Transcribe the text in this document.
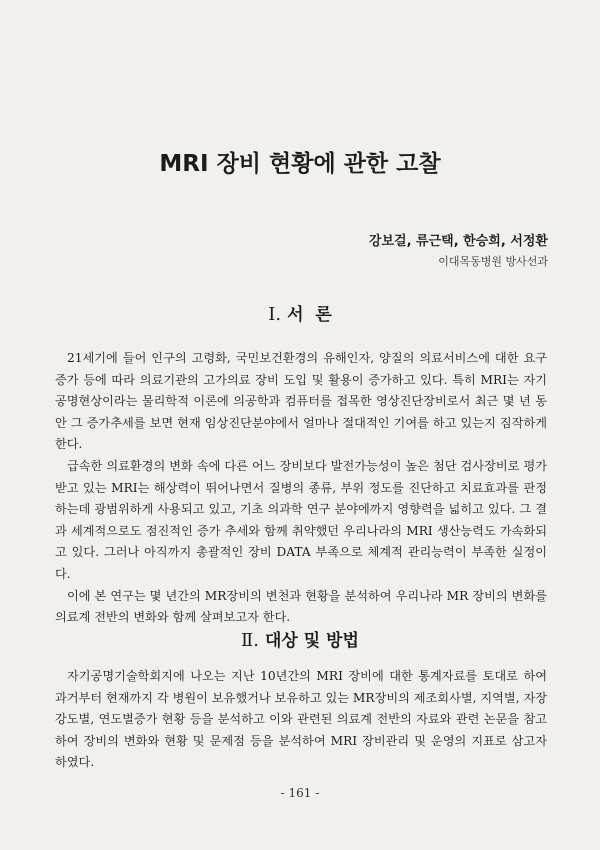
MRI 장비 현황에 관한 고찰
강보걸, 류근택, 한승희, 서정환
이대목동병원 방사선과
Ⅰ. 서  론

21세기에 들어 인구의 고령화, 국민보건환경의 유해인자, 양질의 의료서비스에 대한 요구 증가 등에 따라 의료기관의 고가의료 장비 도입 및 활용이 증가하고 있다. 특히 MRI는 자기공명현상이라는 물리학적 이론에 의공학과 컴퓨터를 접목한 영상진단장비로서 최근 몇 년 동안 그 증가추세를 보면 현재 임상진단분야에서 얼마나 절대적인 기여를 하고 있는지 짐작하게 한다.

급속한 의료환경의 변화 속에 다른 어느 장비보다 발전가능성이 높은 첨단 검사장비로 평가받고 있는 MRI는 해상력이 뛰어나면서 질병의 종류, 부위 정도를 진단하고 치료효과를 판정하는데 광범위하게 사용되고 있고, 기초 의과학 연구 분야에까지 영향력을 넓히고 있다. 그 결과 세계적으로도 점진적인 증가 추세와 함께 취약했던 우리나라의 MRI 생산능력도 가속화되고 있다. 그러나 아직까지 총괄적인 장비 DATA 부족으로 체계적 관리능력이 부족한 실정이다.

이에 본 연구는 몇 년간의 MR장비의 변천과 현황을 분석하여 우리나라 MR 장비의 변화를 의료계 전반의 변화와 함께 살펴보고자 한다.

Ⅱ. 대상 및 방법

자기공명기술학회지에 나오는 지난 10년간의 MRI 장비에 대한 통계자료를 토대로 하여 과거부터 현재까지 각 병원이 보유했거나 보유하고 있는 MR장비의 제조회사별, 지역별, 자장강도별, 연도별증가 현황 등을 분석하고 이와 관련된 의료계 전반의 자료와 관련 논문을 참고하여 장비의 변화와 현황 및 문제점 등을 분석하여 MRI 장비관리 및 운영의 지표로 삼고자 하였다.

- 161 -
